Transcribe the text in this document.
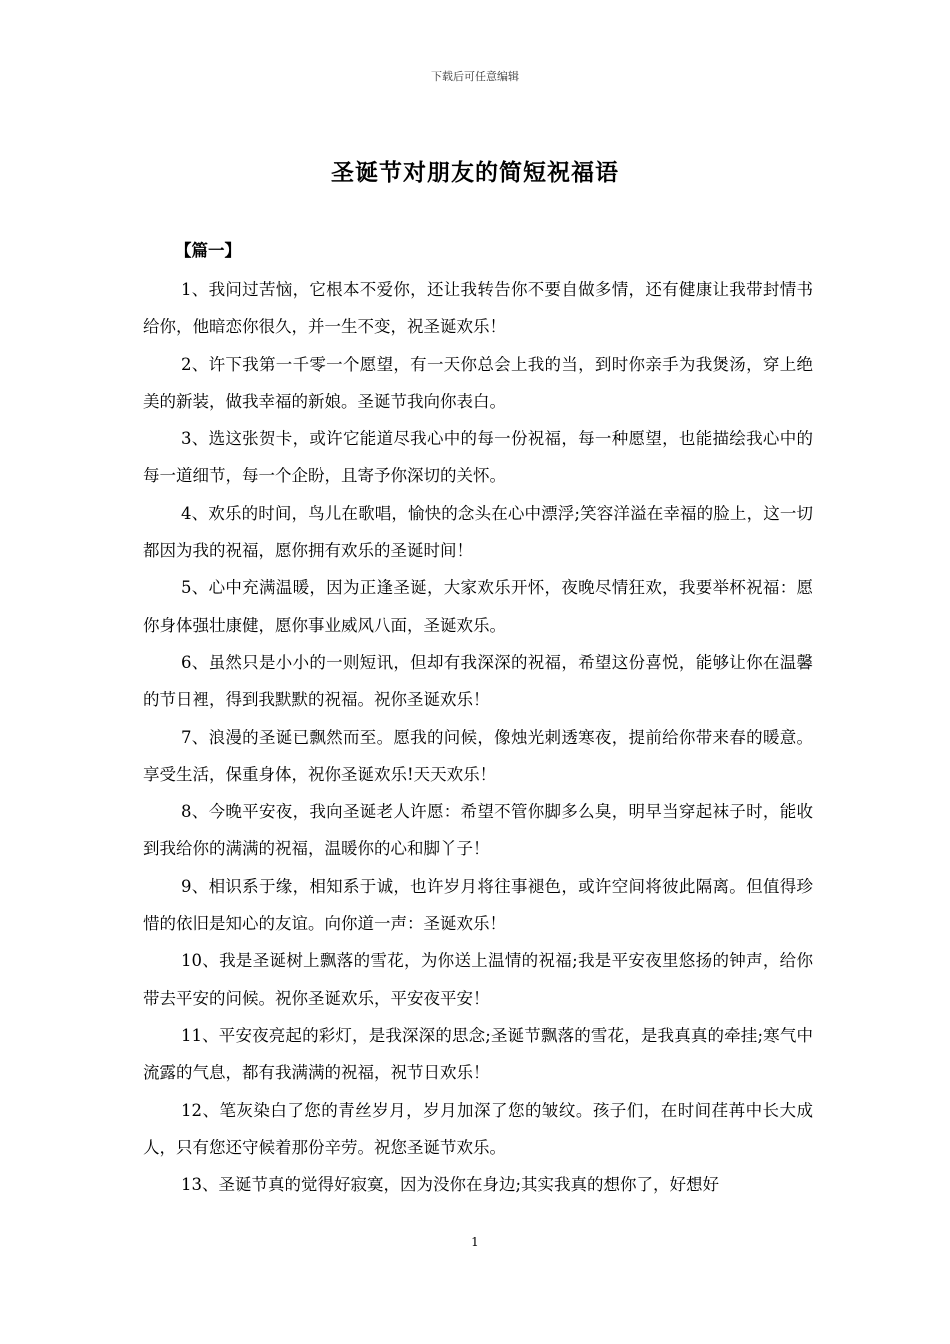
下载后可任意编辑
圣诞节对朋友的简短祝福语
【篇一】

1、我问过苦恼，它根本不爱你，还让我转告你不要自做多情，还有健康让我带封情书给你，他暗恋你很久，并一生不变，祝圣诞欢乐！

2、许下我第一千零一个愿望，有一天你总会上我的当，到时你亲手为我煲汤，穿上绝美的新装，做我幸福的新娘。圣诞节我向你表白。

3、选这张贺卡，或许它能道尽我心中的每一份祝福，每一种愿望，也能描绘我心中的每一道细节，每一个企盼，且寄予你深切的关怀。

4、欢乐的时间，鸟儿在歌唱，愉快的念头在心中漂浮;笑容洋溢在幸福的脸上，这一切都因为我的祝福，愿你拥有欢乐的圣诞时间！

5、心中充满温暖，因为正逢圣诞，大家欢乐开怀，夜晚尽情狂欢，我要举杯祝福：愿你身体强壮康健，愿你事业威风八面，圣诞欢乐。

6、虽然只是小小的一则短讯，但却有我深深的祝福，希望这份喜悦，能够让你在温馨的节日裡，得到我默默的祝福。祝你圣诞欢乐！

7、浪漫的圣诞已飘然而至。愿我的问候，像烛光刺透寒夜，提前给你带来春的暖意。享受生活，保重身体，祝你圣诞欢乐!天天欢乐！

8、今晚平安夜，我向圣诞老人许愿：希望不管你脚多么臭，明早当穿起袜子时，能收到我给你的满满的祝福，温暖你的心和脚丫子！

9、相识系于缘，相知系于诚，也许岁月将往事褪色，或许空间将彼此隔离。但值得珍惜的依旧是知心的友谊。向你道一声：圣诞欢乐！

10、我是圣诞树上飘落的雪花，为你送上温情的祝福;我是平安夜里悠扬的钟声，给你带去平安的问候。祝你圣诞欢乐，平安夜平安！

11、平安夜亮起的彩灯，是我深深的思念;圣诞节飘落的雪花，是我真真的牵挂;寒气中流露的气息，都有我满满的祝福，祝节日欢乐！

12、笔灰染白了您的青丝岁月，岁月加深了您的皱纹。孩子们，在时间荏苒中长大成人，只有您还守候着那份辛劳。祝您圣诞节欢乐。

13、圣诞节真的觉得好寂寞，因为没你在身边;其实我真的想你了，好想好

1
